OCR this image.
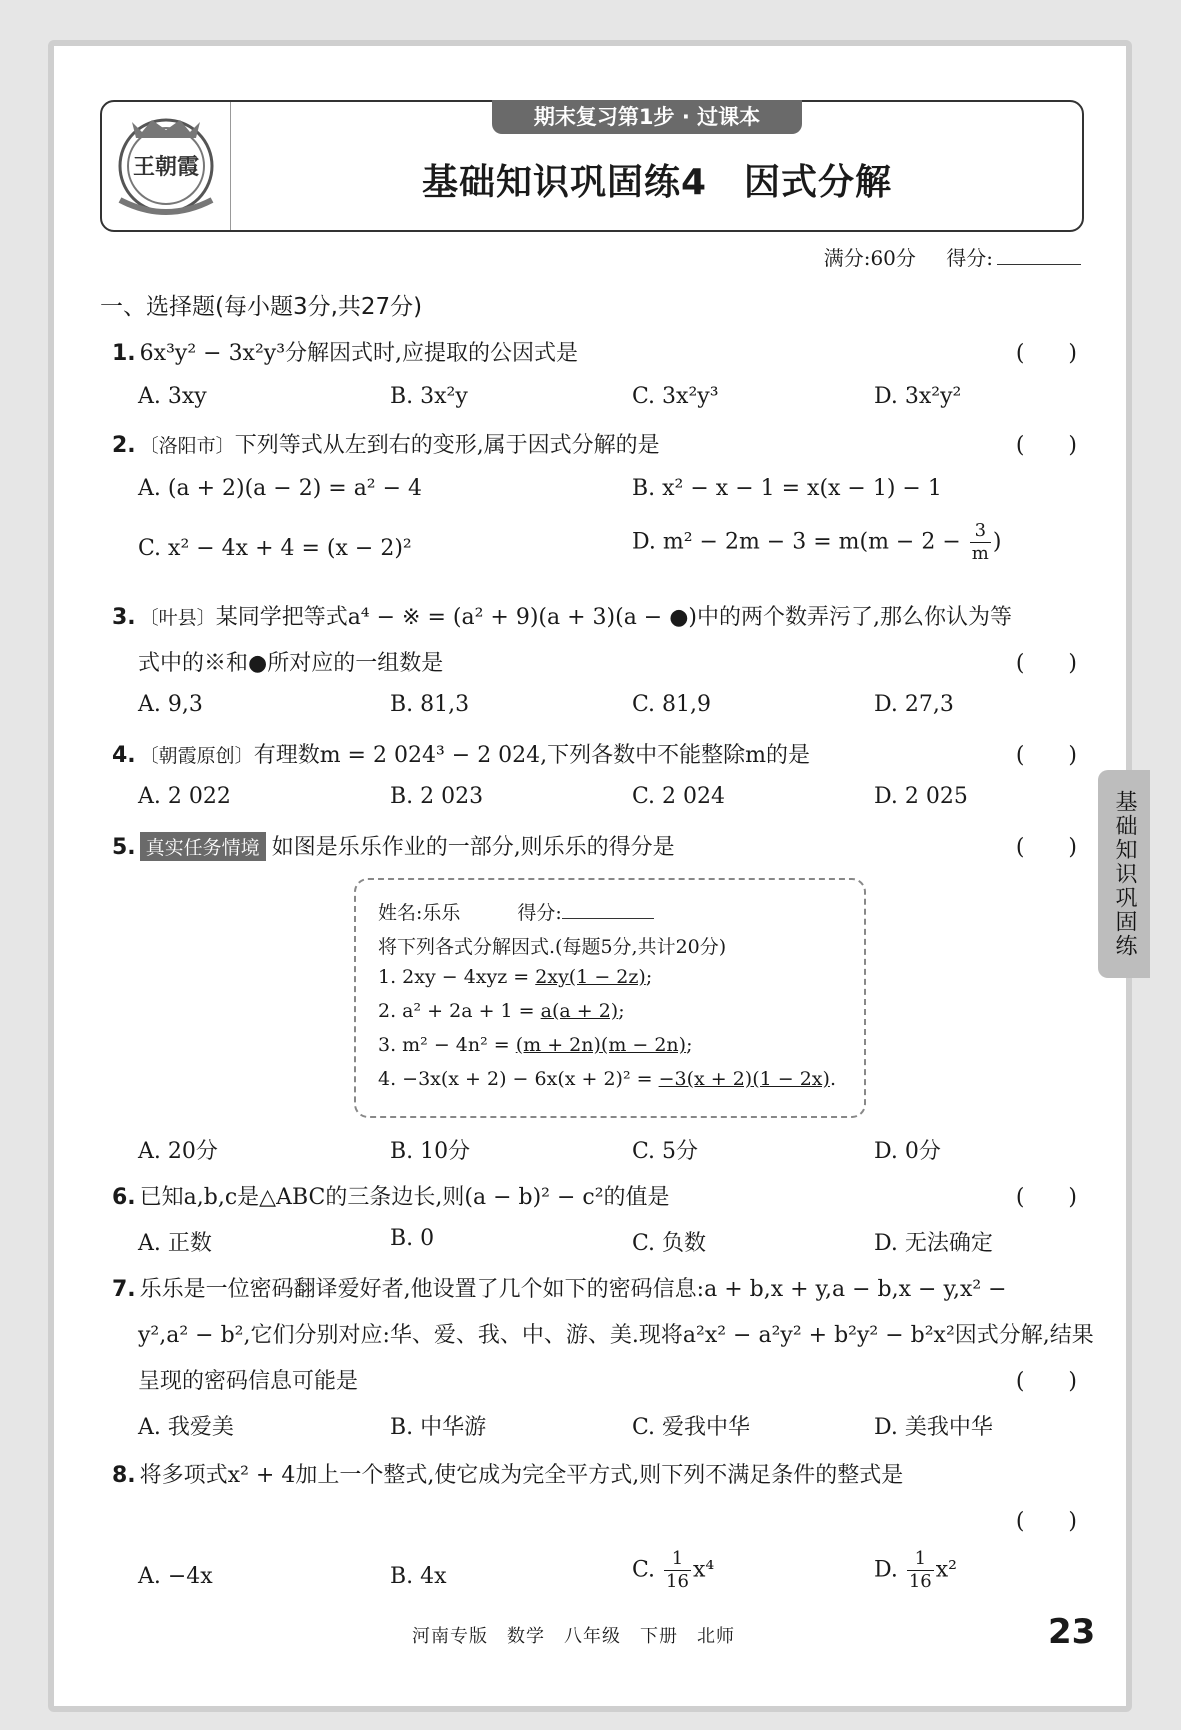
王朝霞
期末复习第1步 · 过课本
基础知识巩固练4　因式分解
满分:60分 得分:
一、选择题(每小题3分,共27分)
1. 6x³y² − 3x²y³分解因式时,应提取的公因式是	(　　)
A. 3xy	B. 3x²y	C. 3x²y³	D. 3x²y²
2. 〔洛阳市〕下列等式从左到右的变形,属于因式分解的是	(　　)
A. (a + 2)(a − 2) = a² − 4	B. x² − x − 1 = x(x − 1) − 1
C. x² − 4x + 4 = (x − 2)²	D. $m^2 - 2m - 3 = m(m - 2 - \frac{3}{m}$ )
3. 〔叶县〕某同学把等式a⁴ − ※ = (a² + 9)(a + 3)(a − ●)中的两个数弄污了,那么你认为等
式中的※和●所对应的一组数是	(　　)
A. 9,3	B. 81,3	C. 81,9	D. 27,3
4. 〔朝霞原创〕有理数m = 2 024³ − 2 024,下列各数中不能整除m的是	(　　)
A. 2 022	B. 2 023	C. 2 024	D. 2 025
5. 真实任务情境 如图是乐乐作业的一部分,则乐乐的得分是	(　　)
姓名:乐乐　　　得分:
将下列各式分解因式.(每题5分,共计20分)
1. 2xy − 4xyz = 2xy(1 − 2z);
2. a² + 2a + 1 = a(a + 2);
3. m² − 4n² = (m + 2n)(m − 2n);
4. −3x(x + 2) − 6x(x + 2)² = −3(x + 2)(1 − 2x).
A. 20分	B. 10分	C. 5分	D. 0分
6. 已知a,b,c是△ABC的三条边长,则(a − b)² − c²的值是	(　　)
A. 正数	B. 0	C. 负数	D. 无法确定
7. 乐乐是一位密码翻译爱好者,他设置了几个如下的密码信息:a + b,x + y,a − b,x − y,x² −
y²,a² − b²,它们分别对应:华、爱、我、中、游、美.现将a²x² − a²y² + b²y² − b²x²因式分解,结果
呈现的密码信息可能是	(　　)
A. 我爱美	B. 中华游	C. 爱我中华	D. 美我中华
8. 将多项式x² + 4加上一个整式,使它成为完全平方式,则下列不满足条件的整式是
(　　)
A. −4x	B. 4x	C. $\frac{1}{16} x^4$	D. $\frac{1}{16} x^2$
基础知识巩固练
河南专版　数学　八年级　下册　北师	23
